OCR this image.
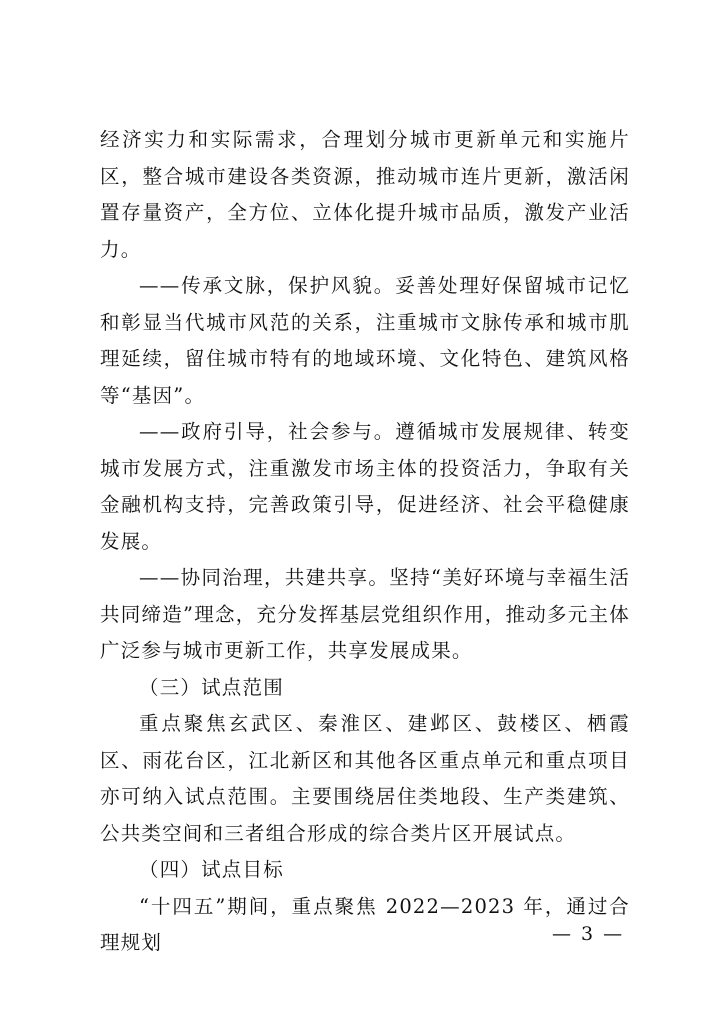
经济实力和实际需求，合理划分城市更新单元和实施片区，整合城市建设各类资源，推动城市连片更新，激活闲置存量资产，全方位、立体化提升城市品质，激发产业活力。

——传承文脉，保护风貌。妥善处理好保留城市记忆和彰显当代城市风范的关系，注重城市文脉传承和城市肌理延续，留住城市特有的地域环境、文化特色、建筑风格等“基因”。

——政府引导，社会参与。遵循城市发展规律、转变城市发展方式，注重激发市场主体的投资活力，争取有关金融机构支持，完善政策引导，促进经济、社会平稳健康发展。

——协同治理，共建共享。坚持“美好环境与幸福生活共同缔造”理念，充分发挥基层党组织作用，推动多元主体广泛参与城市更新工作，共享发展成果。

（三）试点范围

重点聚焦玄武区、秦淮区、建邺区、鼓楼区、栖霞区、雨花台区，江北新区和其他各区重点单元和重点项目亦可纳入试点范围。主要围绕居住类地段、生产类建筑、公共类空间和三者组合形成的综合类片区开展试点。

（四）试点目标

“十四五”期间，重点聚焦 2022—2023 年，通过合理规划	— 3 —
